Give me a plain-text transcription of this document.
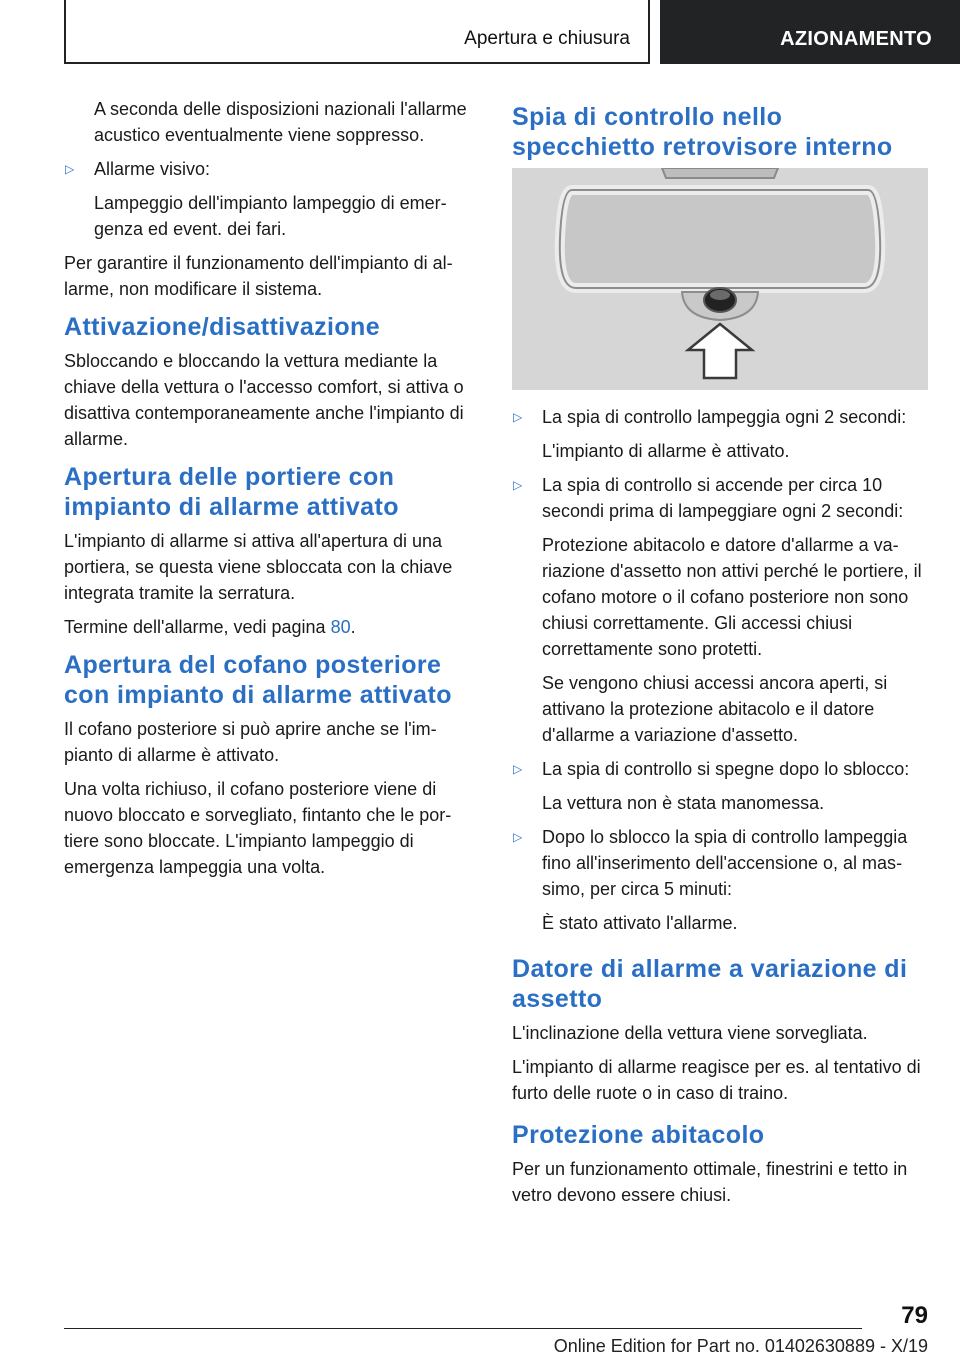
Apertura e chiusura	AZIONAMENTO

A seconda delle disposizioni nazionali l'allarme acustico eventualmente viene soppresso.

▷ Allarme visivo:

Lampeggio dell'impianto lampeggio di emergenza ed event. dei fari.

Per garantire il funzionamento dell'impianto di allarme, non modificare il sistema.

Attivazione/disattivazione

Sbloccando e bloccando la vettura mediante la chiave della vettura o l'accesso comfort, si attiva o disattiva contemporaneamente anche l'impianto di allarme.

Apertura delle portiere con impianto di allarme attivato

L'impianto di allarme si attiva all'apertura di una portiera, se questa viene sbloccata con la chiave integrata tramite la serratura.

Termine dell'allarme, vedi pagina 80.

Apertura del cofano posteriore con impianto di allarme attivato

Il cofano posteriore si può aprire anche se l'impianto di allarme è attivato.

Una volta richiuso, il cofano posteriore viene di nuovo bloccato e sorvegliato, fintanto che le portiere sono bloccate. L'impianto lampeggio di emergenza lampeggia una volta.

Spia di controllo nello specchietto retrovisore interno

▷ La spia di controllo lampeggia ogni 2 secondi:

L'impianto di allarme è attivato.

▷ La spia di controllo si accende per circa 10 secondi prima di lampeggiare ogni 2 secondi:

Protezione abitacolo e datore d'allarme a variazione d'assetto non attivi perché le portiere, il cofano motore o il cofano posteriore non sono chiusi correttamente. Gli accessi chiusi correttamente sono protetti.

Se vengono chiusi accessi ancora aperti, si attivano la protezione abitacolo e il datore d'allarme a variazione d'assetto.

▷ La spia di controllo si spegne dopo lo sblocco:

La vettura non è stata manomessa.

▷ Dopo lo sblocco la spia di controllo lampeggia fino all'inserimento dell'accensione o, al massimo, per circa 5 minuti:

È stato attivato l'allarme.

Datore di allarme a variazione di assetto

L'inclinazione della vettura viene sorvegliata.

L'impianto di allarme reagisce per es. al tentativo di furto delle ruote o in caso di traino.

Protezione abitacolo

Per un funzionamento ottimale, finestrini e tetto in vetro devono essere chiusi.

79
Online Edition for Part no. 01402630889 - X/19
